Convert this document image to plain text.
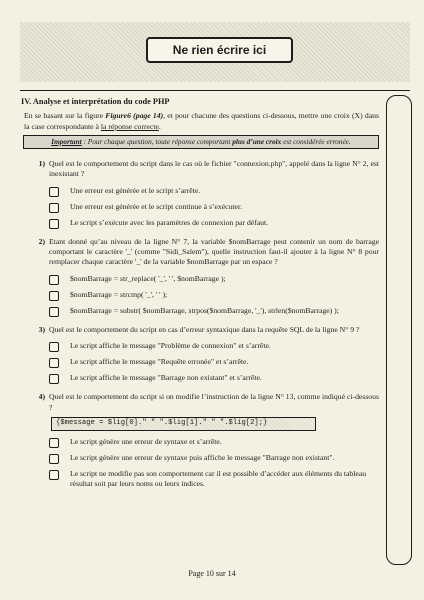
Ne rien écrire ici
IV. Analyse et interprétation du code PHP
En se basant sur la figure Figure6 (page 14), et pour chacune des questions ci-dessous, mettre une croix (X) dans la case correspondante à la réponse correcte.
Important : Pour chaque question, toute réponse comportant plus d’une croix est considérée erronée.
1) Quel est le comportement du script dans le cas où le fichier "connexion.php", appelé dans la ligne N° 2, est inexistant ?
Une erreur est générée et le script s’arrête.
Une erreur est générée et le script continue à s’exécuter.
Le script s’exécute avec les paramètres de connexion par défaut.
2) Etant donné qu’au niveau de la ligne N° 7, la variable $nomBarrage peut contenir un nom de barrage comportant le caractère '_' (comme "Sidi_Salem"), quelle instruction faut-il ajouter à la ligne N° 8 pour remplacer chaque caractère '_' de la variable $nomBarrage par un espace ?
$nomBarrage = str_replace( '_', ' ', $nomBarrage );
$nomBarrage = strcmp( '_', ' ' );
$nomBarrage = substr( $nomBarrage, strpos($nomBarrage, '_'), strlen($nomBarrage) );
3) Quel est le comportement du script en cas d’erreur syntaxique dans la requête SQL de la ligne N° 9 ?
Le script affiche le message "Problème de connexion" et s’arrête.
Le script affiche le message "Requête erronée" et s’arrête.
Le script affiche le message "Barrage non existant" et s’arrête.
4) Quel est le comportement du script si on modifie l’instruction de la ligne N° 13, comme indiqué ci-dessous ?
{$message = $lig[0]." " ".$lig[1]." " ".$lig[2];}
Le script génère une erreur de syntaxe et s’arrête.
Le script génère une erreur de syntaxe puis affiche le message "Barrage non existant".
Le script ne modifie pas son comportement car il est possible d’accéder aux éléments du tableau résultat soit par leurs noms ou leurs indices.
Page 10 sur 14
